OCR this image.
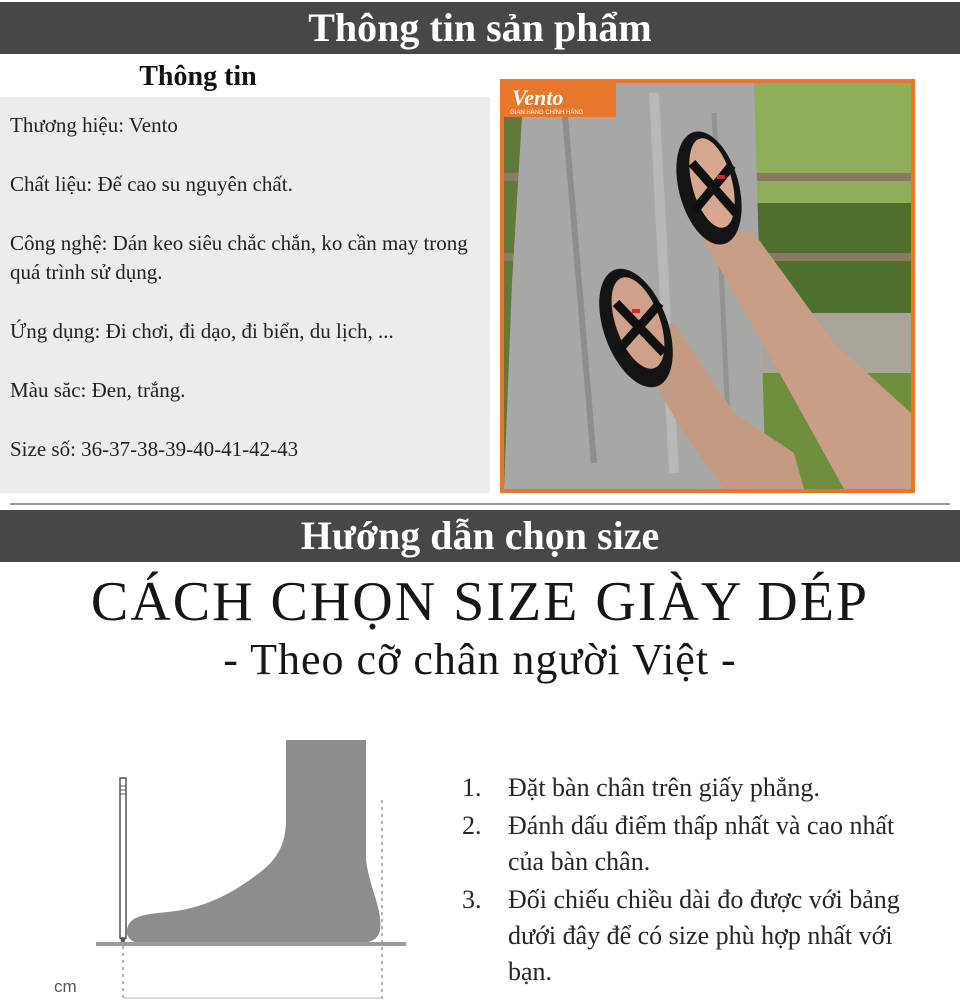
Thông tin sản phẩm
Thông tin
Thương hiệu: Vento
Chất liệu: Đế cao su nguyên chất.
Công nghệ: Dán keo siêu chắc chắn, ko cần may trong quá trình sử dụng.
Ứng dụng: Đi chơi, đi dạo, đi biển, du lịch, ...
Màu săc: Đen, trắng.
Size số: 36-37-38-39-40-41-42-43
Vento
GIAN HÀNG CHÍNH HÃNG
Hướng dẫn chọn size
CÁCH CHỌN SIZE GIÀY DÉP
- Theo cỡ chân người Việt -
cm
1.	Đặt bàn chân trên giấy phẳng.
2.	Đánh dấu điểm thấp nhất và cao nhất của bàn chân.
3.	Đối chiếu chiều dài đo được với bảng dưới đây để có size phù hợp nhất với bạn.
